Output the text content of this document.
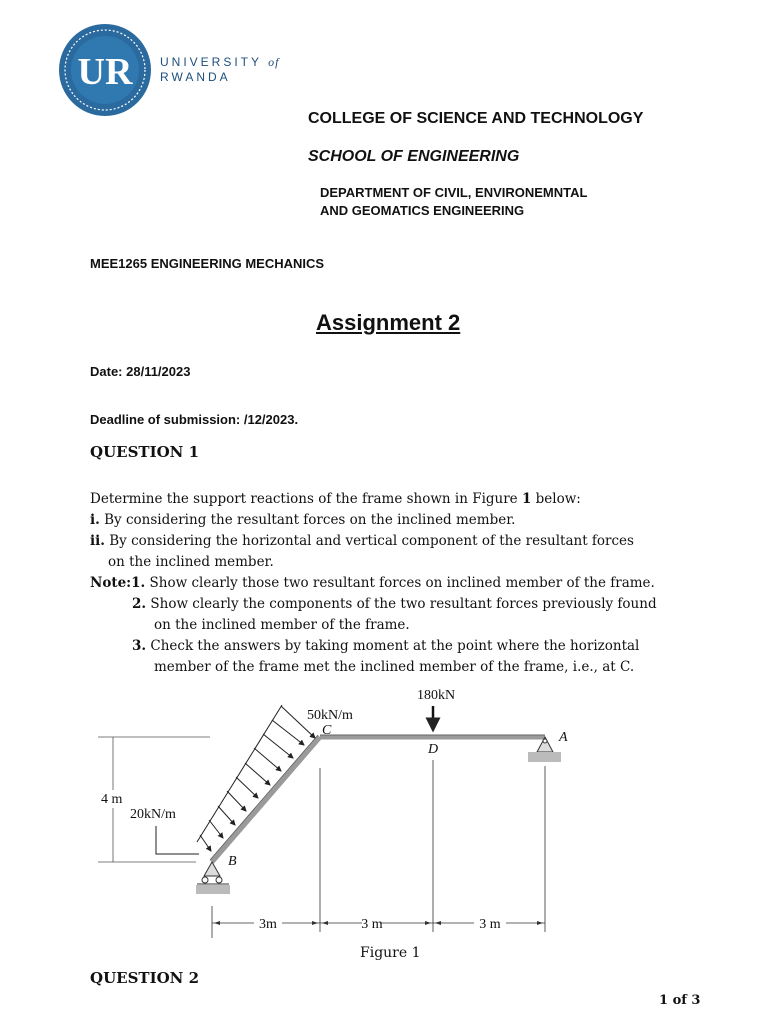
UR UNIVERSITY of
RWANDA
COLLEGE OF SCIENCE AND TECHNOLOGY
SCHOOL OF ENGINEERING
DEPARTMENT OF CIVIL, ENVIRONEMNTAL
AND GEOMATICS ENGINEERING
MEE1265 ENGINEERING MECHANICS
Assignment 2
Date: 28/11/2023
Deadline of submission: /12/2023.
QUESTION 1
Determine the support reactions of the frame shown in Figure 1 below:
i. By considering the resultant forces on the inclined member.
ii. By considering the horizontal and vertical component of the resultant forces
on the inclined member.
Note:1. Show clearly those two resultant forces on inclined member of the frame.
2. Show clearly the components of the two resultant forces previously found
on the inclined member of the frame.
3. Check the answers by taking moment at the point where the horizontal
member of the frame met the inclined member of the frame, i.e., at C.
180kN
50kN/m
20kN/m
A
B
C
D
4 m
3m	3 m	3 m
Figure 1
QUESTION 2
1 of 3
